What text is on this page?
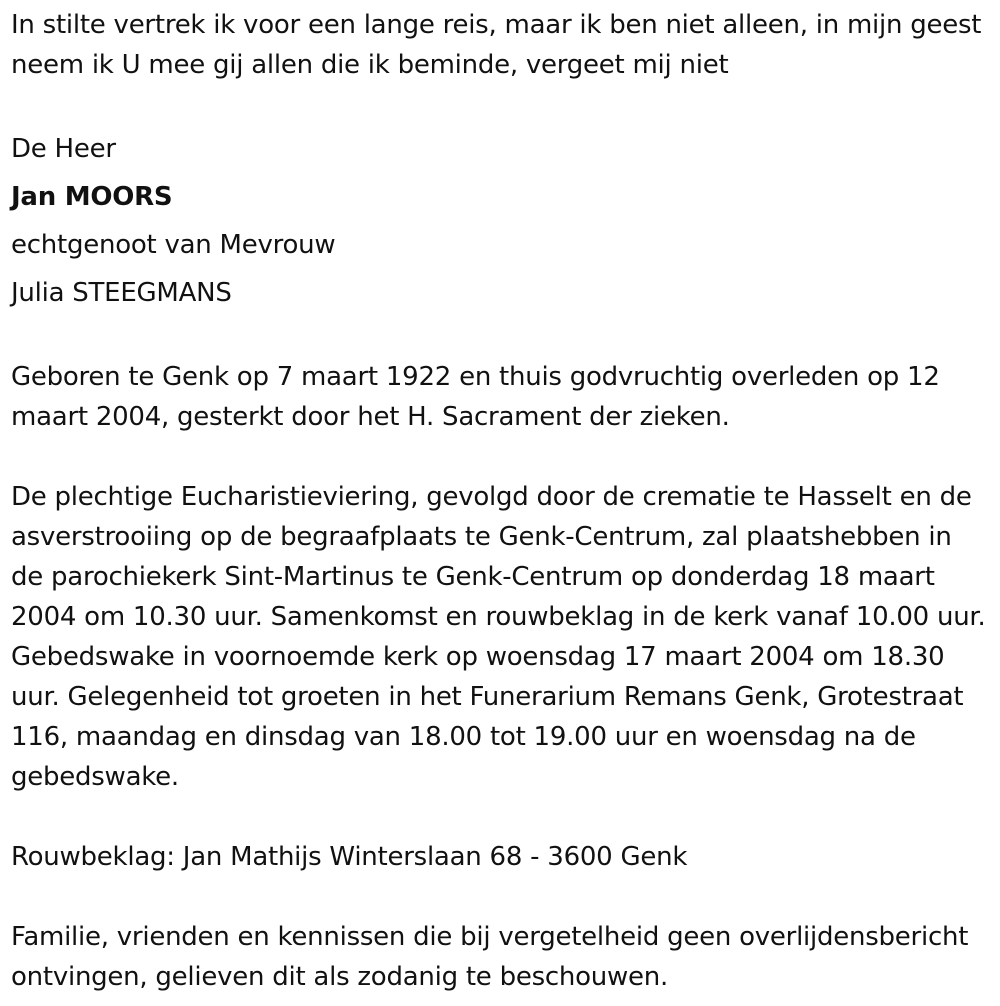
In stilte vertrek ik voor een lange reis, maar ik ben niet alleen, in mijn geest neem ik U mee gij allen die ik beminde, vergeet mij niet

De Heer

Jan MOORS

echtgenoot van Mevrouw

Julia STEEGMANS

Geboren te Genk op 7 maart 1922 en thuis godvruchtig overleden op 12 maart 2004, gesterkt door het H. Sacrament der zieken.

De plechtige Eucharistieviering, gevolgd door de crematie te Hasselt en de asverstrooiing op de begraafplaats te Genk-Centrum, zal plaatshebben in de parochiekerk Sint-Martinus te Genk-Centrum op donderdag 18 maart 2004 om 10.30 uur. Samenkomst en rouwbeklag in de kerk vanaf 10.00 uur. Gebedswake in voornoemde kerk op woensdag 17 maart 2004 om 18.30 uur. Gelegenheid tot groeten in het Funerarium Remans Genk, Grotestraat 116, maandag en dinsdag van 18.00 tot 19.00 uur en woensdag na de gebedswake.

Rouwbeklag: Jan Mathijs Winterslaan 68 - 3600 Genk

Familie, vrienden en kennissen die bij vergetelheid geen overlijdensbericht ontvingen, gelieven dit als zodanig te beschouwen.
